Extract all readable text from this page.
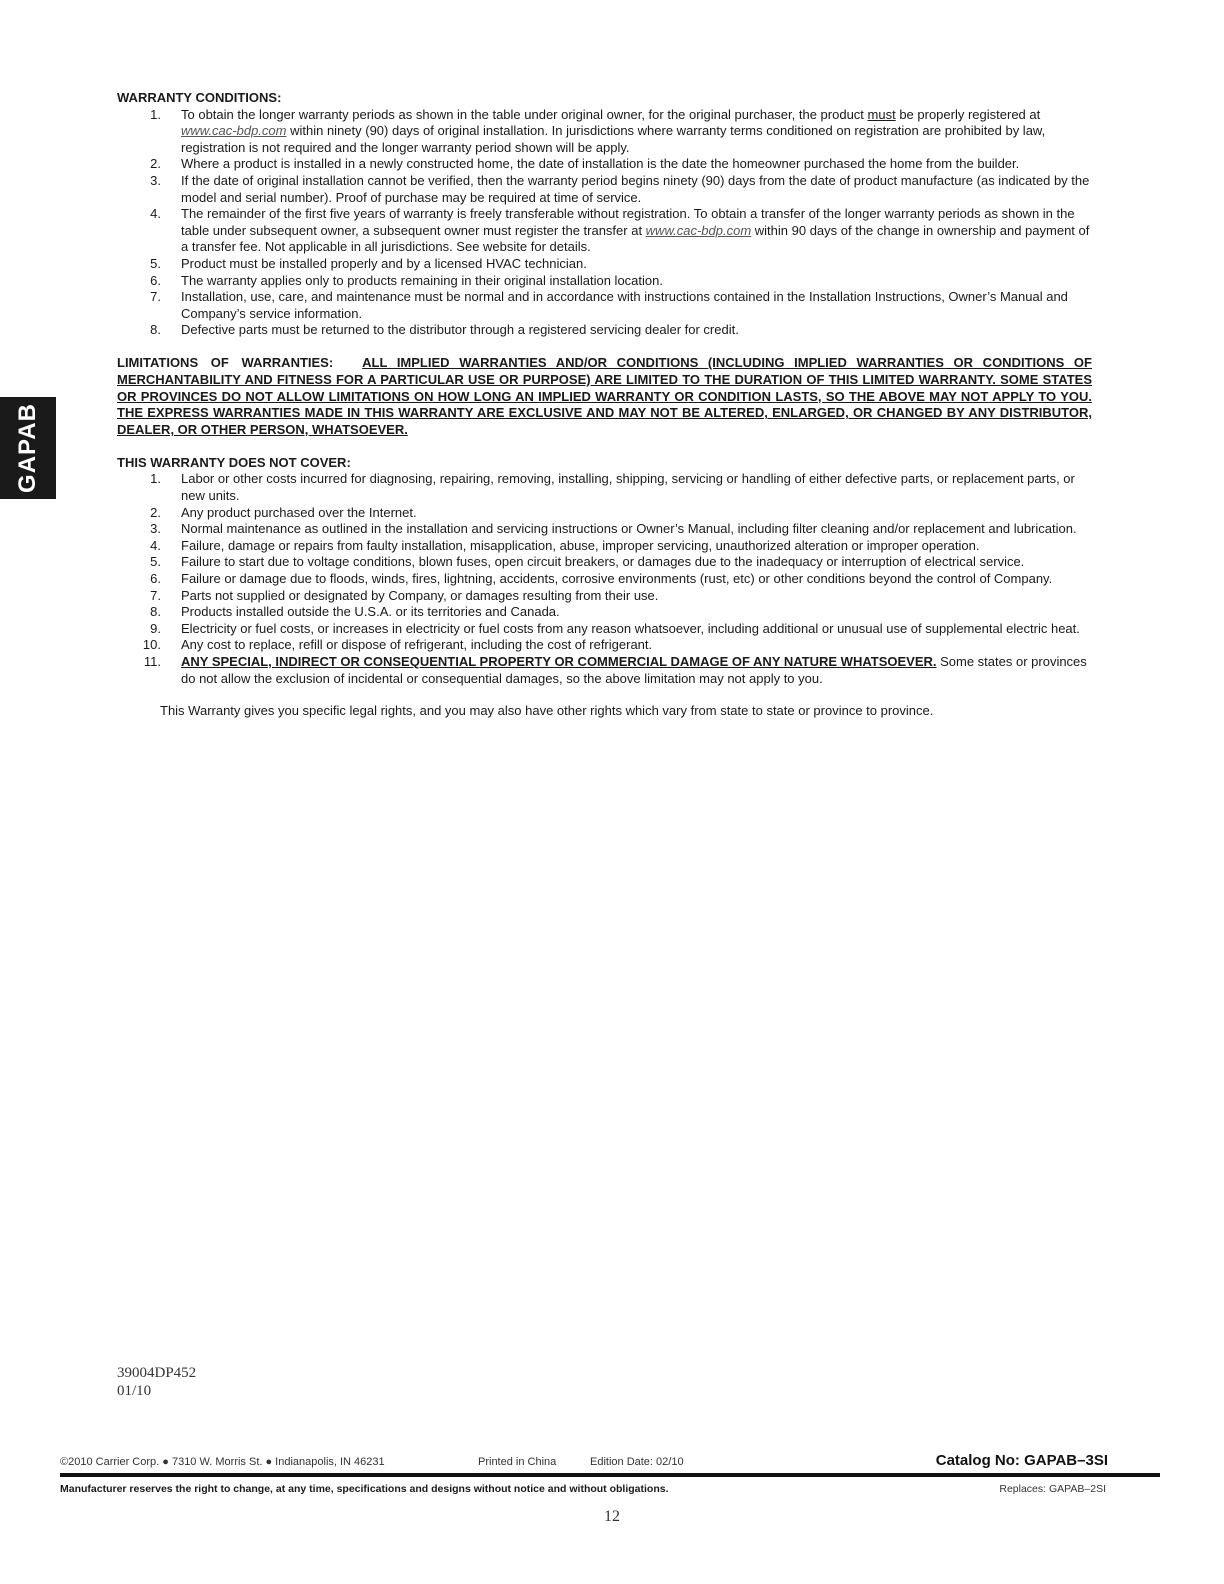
GAPAB

WARRANTY CONDITIONS:

1. To obtain the longer warranty periods as shown in the table under original owner, for the original purchaser, the product must be properly registered at www.cac-bdp.com within ninety (90) days of original installation. In jurisdictions where warranty terms conditioned on registration are prohibited by law, registration is not required and the longer warranty period shown will be apply.
2. Where a product is installed in a newly constructed home, the date of installation is the date the homeowner purchased the home from the builder.
3. If the date of original installation cannot be verified, then the warranty period begins ninety (90) days from the date of product manufacture (as indicated by the model and serial number). Proof of purchase may be required at time of service.
4. The remainder of the first five years of warranty is freely transferable without registration. To obtain a transfer of the longer warranty periods as shown in the table under subsequent owner, a subsequent owner must register the transfer at www.cac-bdp.com within 90 days of the change in ownership and payment of a transfer fee. Not applicable in all jurisdictions. See website for details.
5. Product must be installed properly and by a licensed HVAC technician.
6. The warranty applies only to products remaining in their original installation location.
7. Installation, use, care, and maintenance must be normal and in accordance with instructions contained in the Installation Instructions, Owner’s Manual and Company’s service information.
8. Defective parts must be returned to the distributor through a registered servicing dealer for credit.

LIMITATIONS OF WARRANTIES: ALL IMPLIED WARRANTIES AND/OR CONDITIONS (INCLUDING IMPLIED WARRANTIES OR CONDITIONS OF MERCHANTABILITY AND FITNESS FOR A PARTICULAR USE OR PURPOSE) ARE LIMITED TO THE DURATION OF THIS LIMITED WARRANTY. SOME STATES OR PROVINCES DO NOT ALLOW LIMITATIONS ON HOW LONG AN IMPLIED WARRANTY OR CONDITION LASTS, SO THE ABOVE MAY NOT APPLY TO YOU. THE EXPRESS WARRANTIES MADE IN THIS WARRANTY ARE EXCLUSIVE AND MAY NOT BE ALTERED, ENLARGED, OR CHANGED BY ANY DISTRIBUTOR, DEALER, OR OTHER PERSON, WHATSOEVER.

THIS WARRANTY DOES NOT COVER:

1. Labor or other costs incurred for diagnosing, repairing, removing, installing, shipping, servicing or handling of either defective parts, or replacement parts, or new units.
2. Any product purchased over the Internet.
3. Normal maintenance as outlined in the installation and servicing instructions or Owner’s Manual, including filter cleaning and/or replacement and lubrication.
4. Failure, damage or repairs from faulty installation, misapplication, abuse, improper servicing, unauthorized alteration or improper operation.
5. Failure to start due to voltage conditions, blown fuses, open circuit breakers, or damages due to the inadequacy or interruption of electrical service.
6. Failure or damage due to floods, winds, fires, lightning, accidents, corrosive environments (rust, etc) or other conditions beyond the control of Company.
7. Parts not supplied or designated by Company, or damages resulting from their use.
8. Products installed outside the U.S.A. or its territories and Canada.
9. Electricity or fuel costs, or increases in electricity or fuel costs from any reason whatsoever, including additional or unusual use of supplemental electric heat.
10. Any cost to replace, refill or dispose of refrigerant, including the cost of refrigerant.
11. ANY SPECIAL, INDIRECT OR CONSEQUENTIAL PROPERTY OR COMMERCIAL DAMAGE OF ANY NATURE WHATSOEVER. Some states or provinces do not allow the exclusion of incidental or consequential damages, so the above limitation may not apply to you.

This Warranty gives you specific legal rights, and you may also have other rights which vary from state to state or province to province.

39004DP452
01/10
©2010 Carrier Corp. ● 7310 W. Morris St. ● Indianapolis, IN 46231	Printed in China	Edition Date: 02/10	Catalog No: GAPAB–3SI
Manufacturer reserves the right to change, at any time, specifications and designs without notice and without obligations.	Replaces: GAPAB–2SI
12
